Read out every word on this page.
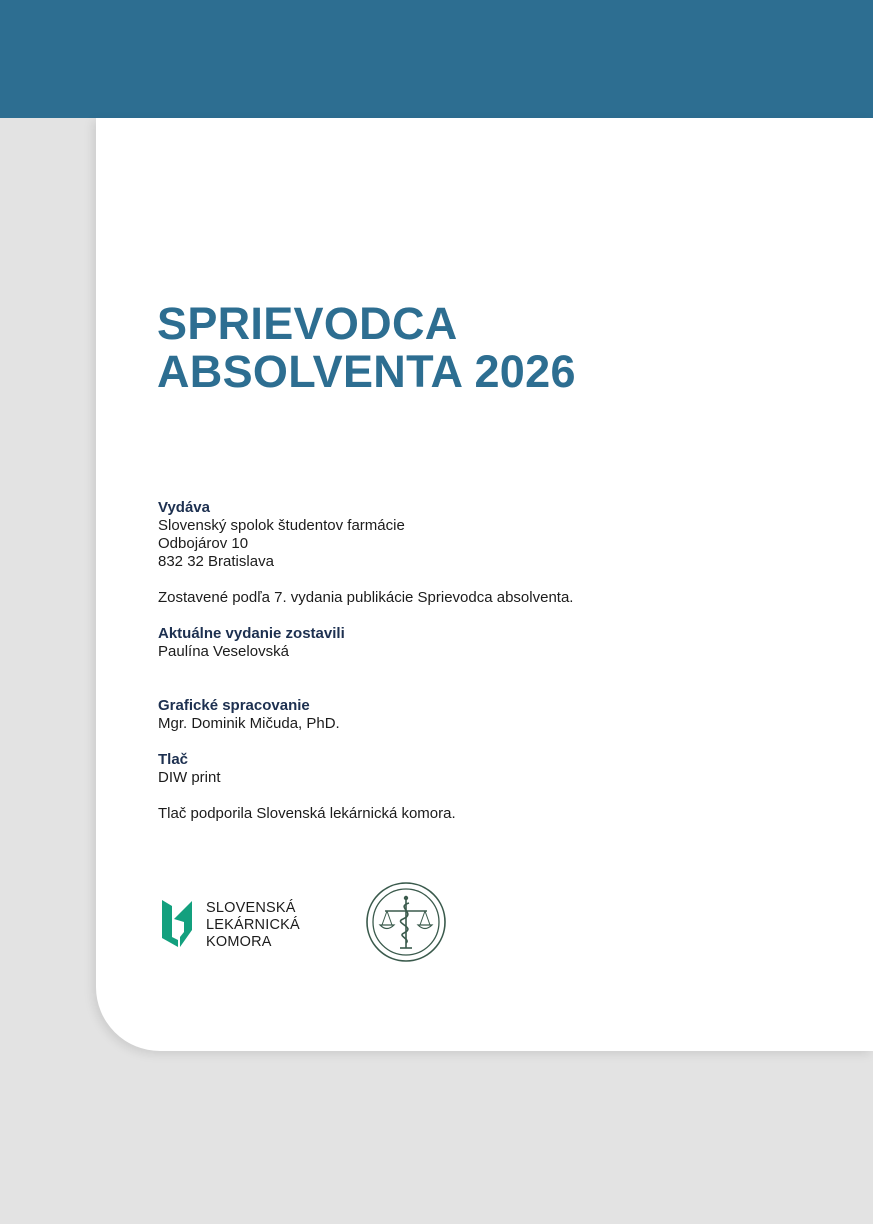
SPRIEVODCA
ABSOLVENTA 2026
Vydáva
Slovenský spolok študentov farmácie
Odbojárov 10
832 32 Bratislava
Zostavené podľa 7. vydania publikácie Sprievodca absolventa.
Aktuálne vydanie zostavili
Paulína Veselovská
Grafické spracovanie
Mgr. Dominik Mičuda, PhD.
Tlač
DIW print
Tlač podporila Slovenská lekárnická komora.
SLOVENSKÁ
LEKÁRNICKÁ
KOMORA
